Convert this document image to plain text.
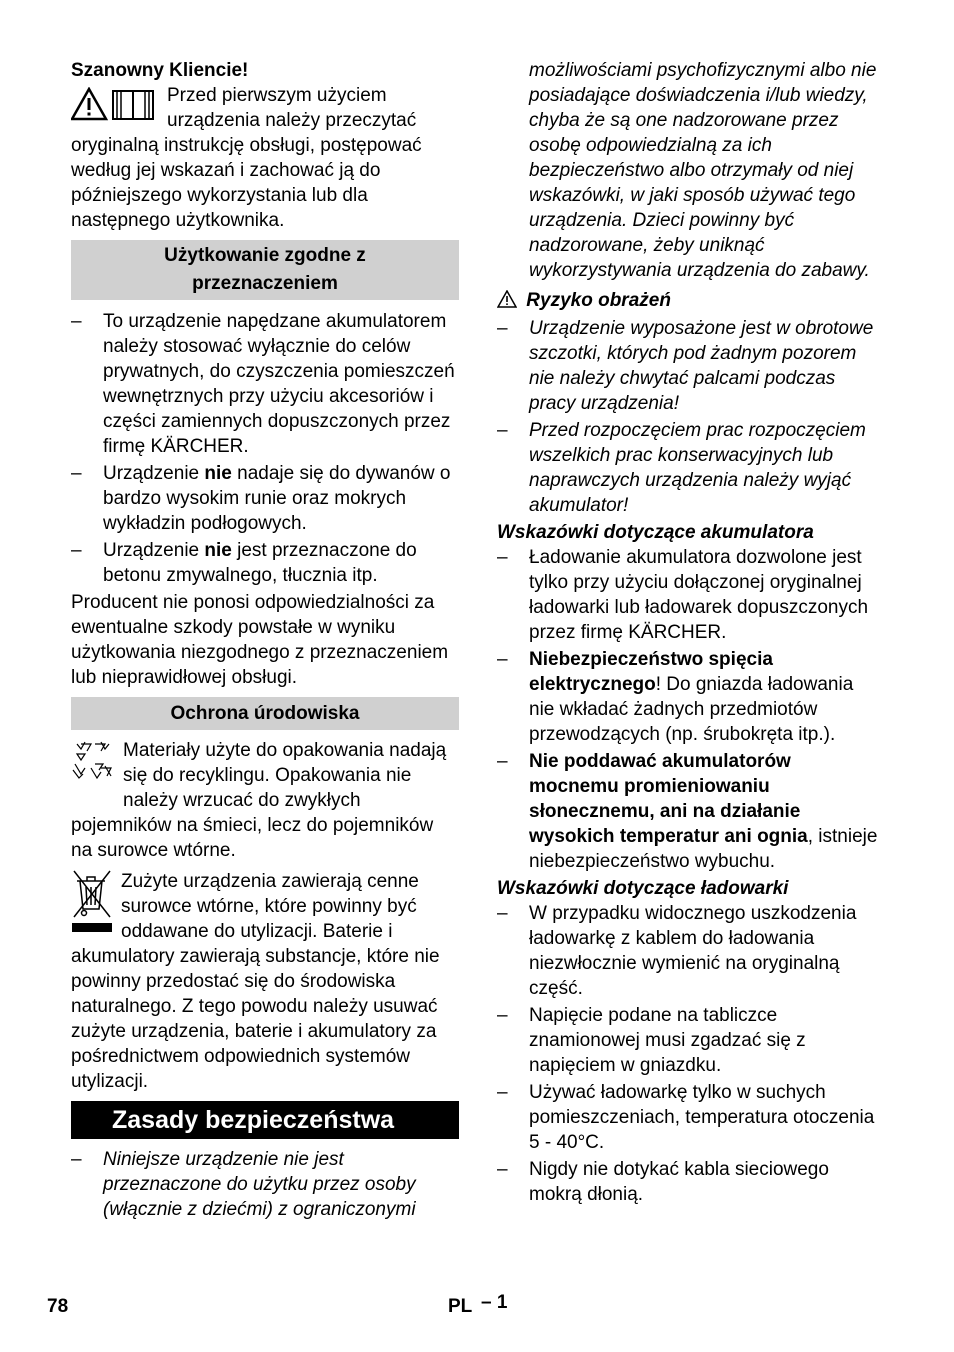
Szanowny Kliencie!

Przed pierwszym użyciem urządzenia należy przeczytać oryginalną instrukcję obsługi, postępować według jej wskazań i zachować ją do późniejszego wykorzystania lub dla następnego użytkownika.

Użytkowanie zgodne z przeznaczeniem
–	To urządzenie napędzane akumulatorem należy stosować wyłącznie do celów prywatnych, do czyszczenia pomieszczeń wewnętrznych przy użyciu akcesoriów i części zamiennych dopuszczonych przez firmę KÄRCHER.
–	Urządzenie nie nadaje się do dywanów o bardzo wysokim runie oraz mokrych wykładzin podłogowych.
–	Urządzenie nie jest przeznaczone do betonu zmywalnego, tłucznia itp.

Producent nie ponosi odpowiedzialności za ewentualne szkody powstałe w wyniku użytkowania niezgodnego z przeznaczeniem lub nieprawidłowej obsługi.

Ochrona úrodowiska

Materiały użyte do opakowania nadają się do recyklingu. Opakowania nie należy wrzucać do zwykłych pojemników na śmieci, lecz do pojemników na surowce wtórne.

Zużyte urządzenia zawierają cenne surowce wtórne, które powinny być oddawane do utylizacji. Baterie i akumulatory zawierają substancje, które nie powinny przedostać się do środowiska naturalnego. Z tego powodu należy usuwać zużyte urządzenia, baterie i akumulatory za pośrednictwem odpowiednich systemów utylizacji.

Zasady bezpieczeństwa
–	Niniejsze urządzenie nie jest przeznaczone do użytku przez osoby (włącznie z dziećmi) z ograniczonymi

możliwościami psychofizycznymi albo nie posiadające doświadczenia i/lub wiedzy, chyba że są one nadzorowane przez osobę odpowiedzialną za ich bezpieczeństwo albo otrzymały od niej wskazówki, w jaki sposób używać tego urządzenia. Dzieci powinny być nadzorowane, żeby uniknąć wykorzystywania urządzenia do zabawy.

Ryzyko obrażeń

–	Urządzenie wyposażone jest w obrotowe szczotki, których pod żadnym pozorem nie należy chwytać palcami podczas pracy urządzenia!
–	Przed rozpoczęciem prac rozpoczęciem wszelkich prac konserwacyjnych lub naprawczych urządzenia należy wyjąć akumulator!

Wskazówki dotyczące akumulatora

–	Ładowanie akumulatora dozwolone jest tylko przy użyciu dołączonej oryginalnej ładowarki lub ładowarek dopuszczonych przez firmę KÄRCHER.
–	Niebezpieczeństwo spięcia elektrycznego! Do gniazda ładowania nie wkładać żadnych przedmiotów przewodzących (np. śrubokręta itp.).
–	Nie poddawać akumulatorów mocnemu promieniowaniu słonecznemu, ani na działanie wysokich temperatur ani ognia, istnieje niebezpieczeństwo wybuchu.

Wskazówki dotyczące ładowarki

–	W przypadku widocznego uszkodzenia ładowarkę z kablem do ładowania niezwłocznie wymienić na oryginalną część.
–	Napięcie podane na tabliczce znamionowej musi zgadzać się z napięciem w gniazdku.
–	Używać ładowarkę tylko w suchych pomieszczeniach, temperatura otoczenia 5 - 40°C.
–	Nigdy nie dotykać kabla sieciowego mokrą dłonią.
78	PL – 1
